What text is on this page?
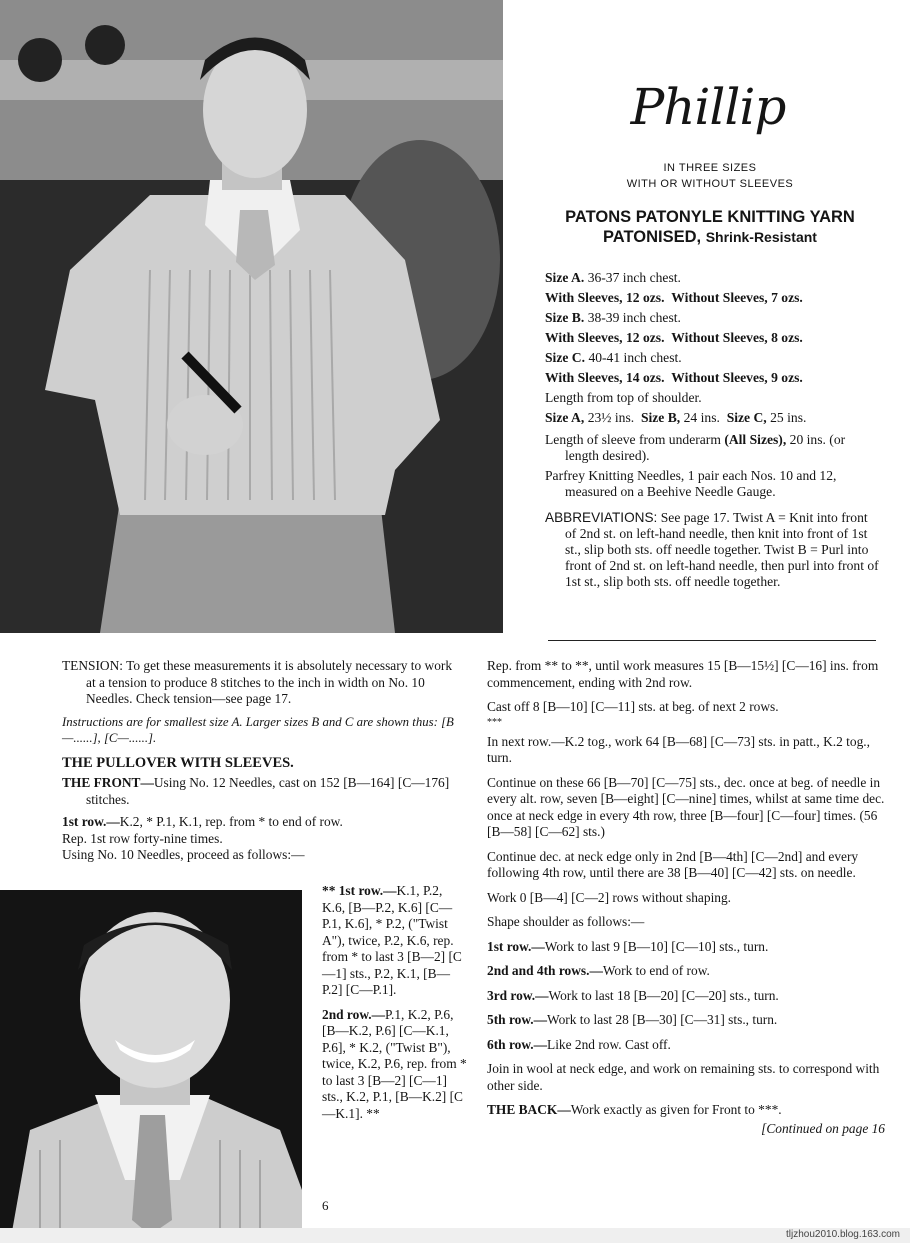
Phillip
IN THREE SIZES
WITH OR WITHOUT SLEEVES
PATONS PATONYLE KNITTING YARN
PATONISED, Shrink-Resistant

Size A. 36-37 inch chest.

With Sleeves, 12 ozs. Without Sleeves, 7 ozs.

Size B. 38-39 inch chest.

With Sleeves, 12 ozs. Without Sleeves, 8 ozs.

Size C. 40-41 inch chest.

With Sleeves, 14 ozs. Without Sleeves, 9 ozs.

Length from top of shoulder.

Size A, 23½ ins. Size B, 24 ins. Size C, 25 ins.

Length of sleeve from underarm (All Sizes), 20 ins. (or length desired).

Parfrey Knitting Needles, 1 pair each Nos. 10 and 12, measured on a Beehive Needle Gauge.

ABBREVIATIONS: See page 17. Twist A = Knit into front of 2nd st. on left-hand needle, then knit into front of 1st st., slip both sts. off needle together. Twist B = Purl into front of 2nd st. on left-hand needle, then purl into front of 1st st., slip both sts. off needle together.

TENSION: To get these measurements it is absolutely necessary to work at a tension to produce 8 stitches to the inch in width on No. 10 Needles. Check tension—see page 17.

Instructions are for smallest size A. Larger sizes B and C are shown thus: [B—......], [C—......].

THE PULLOVER WITH SLEEVES.

THE FRONT—Using No. 12 Needles, cast on 152 [B—164] [C—176] stitches.

1st row.—K.2, * P.1, K.1, rep. from * to end of row.

Rep. 1st row forty-nine times.

Using No. 10 Needles, proceed as follows:—

** 1st row.—K.1, P.2, K.6, [B—P.2, K.6] [C—P.1, K.6], * P.2, ("Twist A"), twice, P.2, K.6, rep. from * to last 3 [B—2] [C—1] sts., P.2, K.1, [B—P.2] [C—P.1].

2nd row.—P.1, K.2, P.6, [B—K.2, P.6] [C—K.1, P.6], * K.2, ("Twist B"), twice, K.2, P.6, rep. from * to last 3 [B—2] [C—1] sts., K.2, P.1, [B—K.2] [C—K.1]. **

Rep. from ** to **, until work measures 15 [B—15½] [C—16] ins. from commencement, ending with 2nd row.

Cast off 8 [B—10] [C—11] sts. at beg. of next 2 rows.

***

In next row.—K.2 tog., work 64 [B—68] [C—73] sts. in patt., K.2 tog., turn.

Continue on these 66 [B—70] [C—75] sts., dec. once at beg. of needle in every alt. row, seven [B—eight] [C—nine] times, whilst at same time dec. once at neck edge in every 4th row, three [B—four] [C—four] times. (56 [B—58] [C—62] sts.)

Continue dec. at neck edge only in 2nd [B—4th] [C—2nd] and every following 4th row, until there are 38 [B—40] [C—42] sts. on needle.

Work 0 [B—4] [C—2] rows without shaping.

Shape shoulder as follows:—

1st row.—Work to last 9 [B—10] [C—10] sts., turn.

2nd and 4th rows.—Work to end of row.

3rd row.—Work to last 18 [B—20] [C—20] sts., turn.

5th row.—Work to last 28 [B—30] [C—31] sts., turn.

6th row.—Like 2nd row. Cast off.

Join in wool at neck edge, and work on remaining sts. to correspond with other side.

THE BACK—Work exactly as given for Front to ***.

[Continued on page 16

6
tljzhou2010.blog.163.com
